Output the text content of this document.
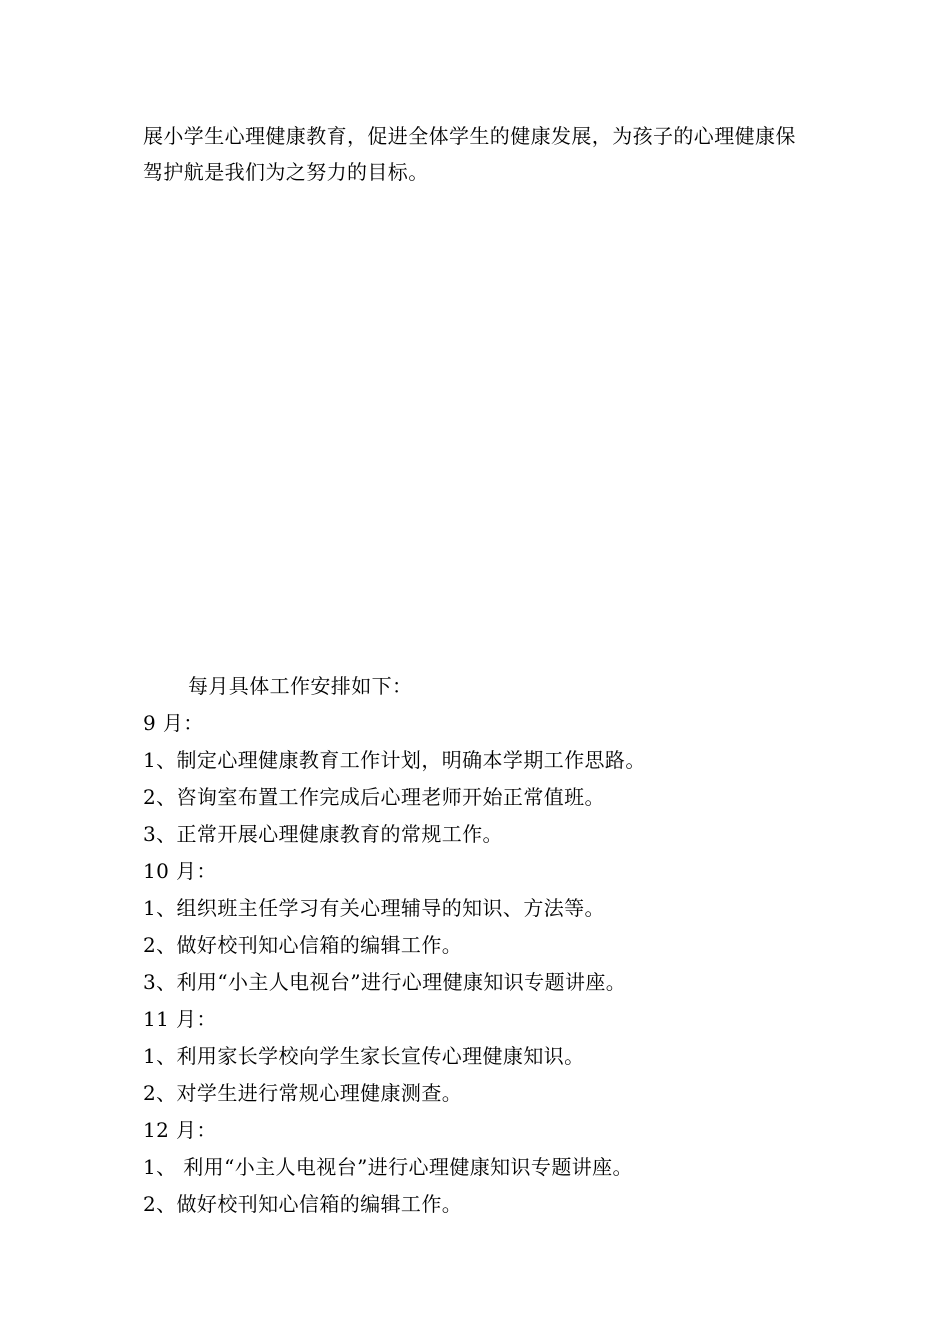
展小学生心理健康教育，促进全体学生的健康发展，为孩子的心理健康保驾护航是我们为之努力的目标。

每月具体工作安排如下：
9 月：
1、制定心理健康教育工作计划，明确本学期工作思路。
2、咨询室布置工作完成后心理老师开始正常值班。
3、正常开展心理健康教育的常规工作。
10 月：
1、组织班主任学习有关心理辅导的知识、方法等。
2、做好校刊知心信箱的编辑工作。
3、利用“小主人电视台”进行心理健康知识专题讲座。
11 月：
1、利用家长学校向学生家长宣传心理健康知识。
2、对学生进行常规心理健康测查。
12 月：
1、 利用“小主人电视台”进行心理健康知识专题讲座。
2、做好校刊知心信箱的编辑工作。
